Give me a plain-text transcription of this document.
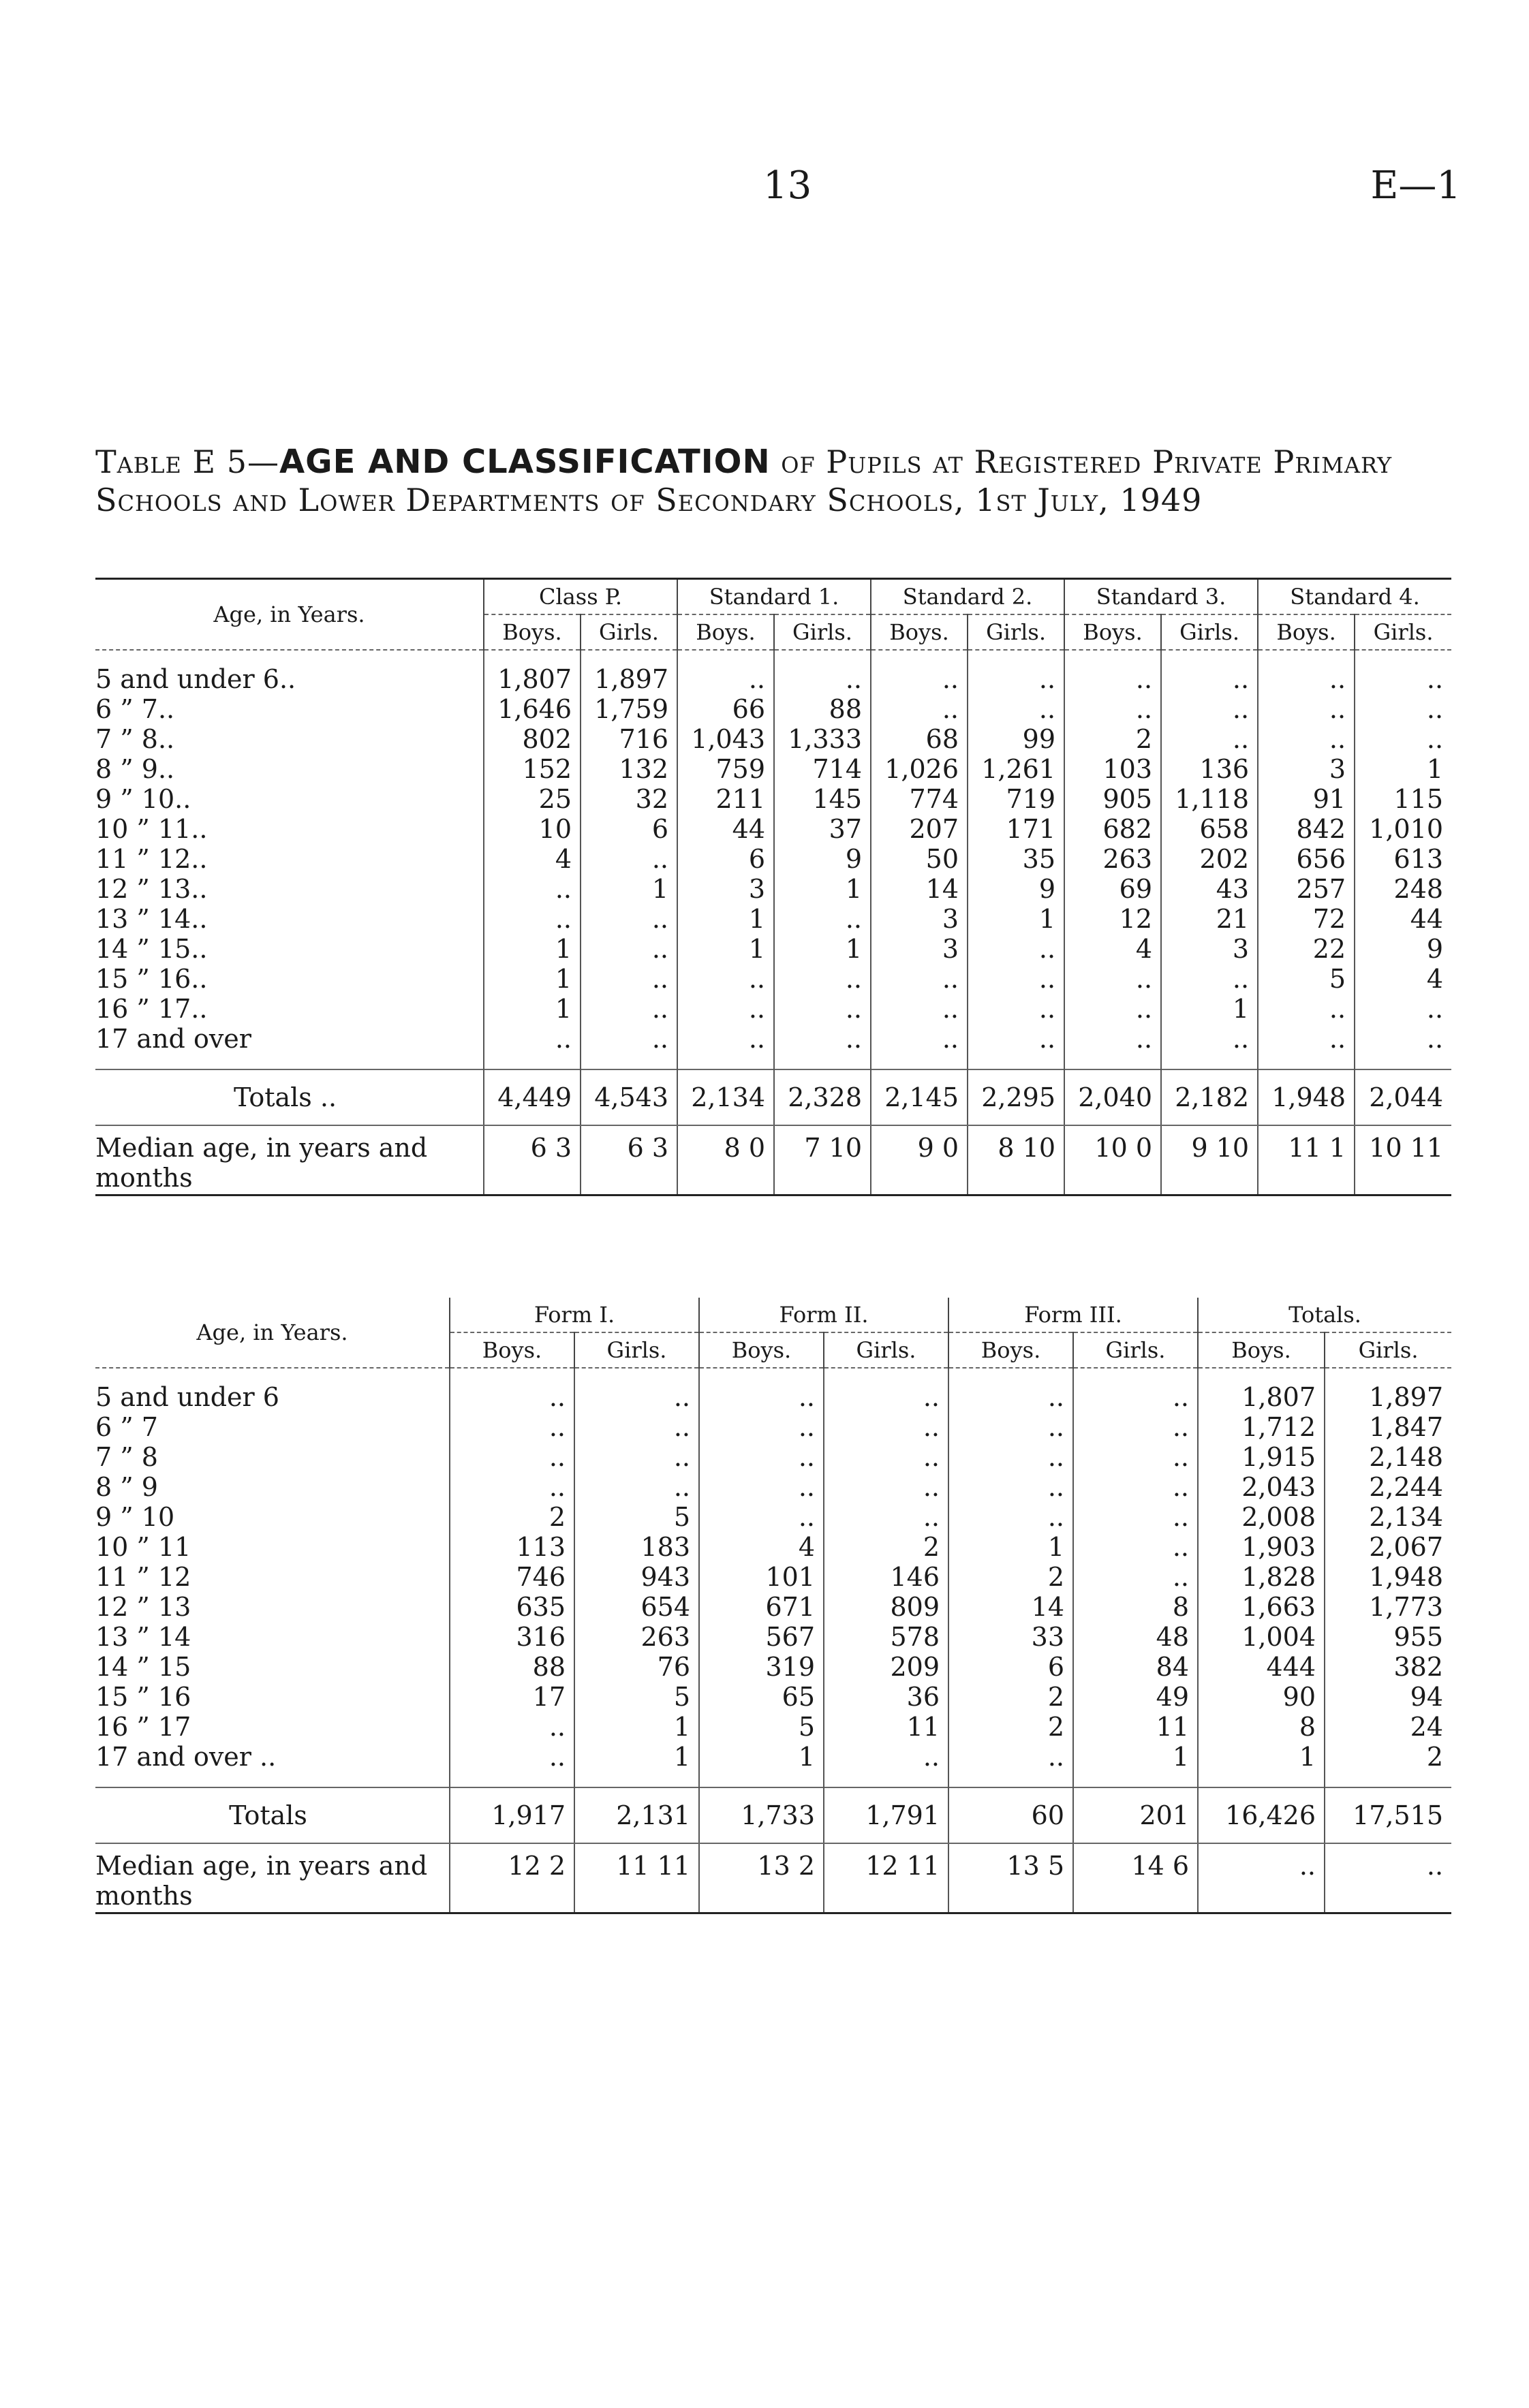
13	E—1
Table E 5—AGE AND CLASSIFICATION of Pupils at Registered Private Primary Schools and Lower Departments of Secondary Schools, 1st July, 1949
Age, in Years.	Class P.		Standard 1.		Standard 2.		Standard 3.		Standard 4.	
	Boys.	Girls.	Boys.	Girls.	Boys.	Girls.	Boys.	Girls.	Boys.	Girls.
5 and under 6..	1,807	1,897	..	..	..	..	..	..	..	..
6 ” 7..	1,646	1,759	66	88	..	..	..	..	..	..
7 ” 8..	802	716	1,043	1,333	68	99	2	..	..	..
8 ” 9..	152	132	759	714	1,026	1,261	103	136	3	1
9 ” 10..	25	32	211	145	774	719	905	1,118	91	115
10 ” 11..	10	6	44	37	207	171	682	658	842	1,010
11 ” 12..	4	..	6	9	50	35	263	202	656	613
12 ” 13..	..	1	3	1	14	9	69	43	257	248
13 ” 14..	..	..	1	..	3	1	12	21	72	44
14 ” 15..	1	..	1	1	3	..	4	3	22	9
15 ” 16..	1	..	..	..	..	..	..	..	5	4
16 ” 17..	1	..	..	..	..	..	..	1	..	..
17 and over	..	..	..	..	..	..	..	..	..	..
Totals ..	4,449	4,543	2,134	2,328	2,145	2,295	2,040	2,182	1,948	2,044
Median age, in years and months	6 3	6 3	8 0	7 10	9 0	8 10	10 0	9 10	11 1	10 11
Age, in Years.	Form I.		Form II.		Form III.		Totals.	
	Boys.	Girls.	Boys.	Girls.	Boys.	Girls.	Boys.	Girls.
5 and under 6	..	..	..	..	..	..	1,807	1,897
6 ” 7	..	..	..	..	..	..	1,712	1,847
7 ” 8	..	..	..	..	..	..	1,915	2,148
8 ” 9	..	..	..	..	..	..	2,043	2,244
9 ” 10	2	5	..	..	..	..	2,008	2,134
10 ” 11	113	183	4	2	1	..	1,903	2,067
11 ” 12	746	943	101	146	2	..	1,828	1,948
12 ” 13	635	654	671	809	14	8	1,663	1,773
13 ” 14	316	263	567	578	33	48	1,004	955
14 ” 15	88	76	319	209	6	84	444	382
15 ” 16	17	5	65	36	2	49	90	94
16 ” 17	..	1	5	11	2	11	8	24
17 and over ..	..	1	1	..	..	1	1	2
Totals	1,917	2,131	1,733	1,791	60	201	16,426	17,515
Median age, in years and months	12 2	11 11	13 2	12 11	13 5	14 6	..	..
